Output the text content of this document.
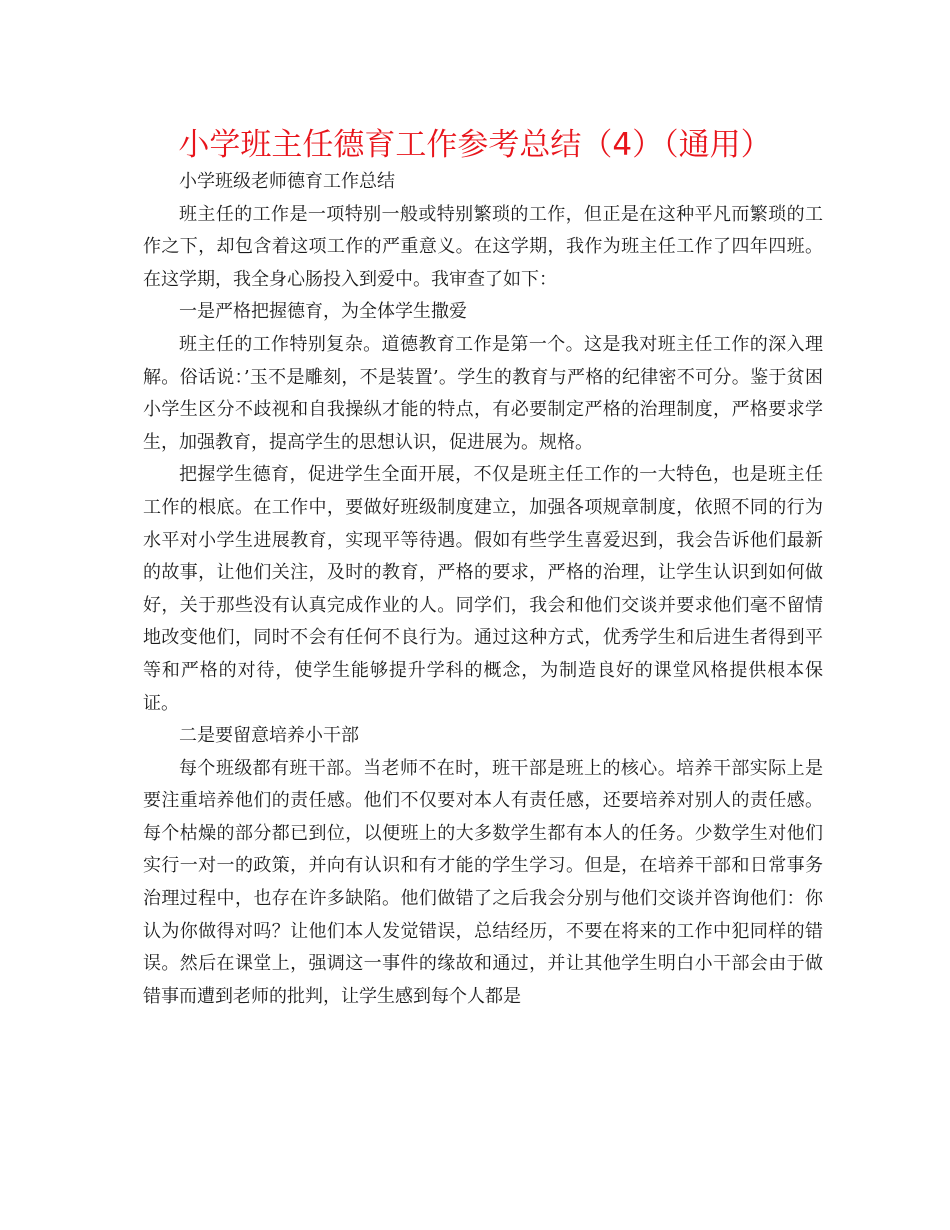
小学班主任德育工作参考总结（4）（通用）

小学班级老师德育工作总结

班主任的工作是一项特别一般或特别繁琐的工作，但正是在这种平凡而繁琐的工作之下，却包含着这项工作的严重意义。在这学期，我作为班主任工作了四年四班。在这学期，我全身心肠投入到爱中。我审查了如下：

一是严格把握德育，为全体学生撒爱

班主任的工作特别复杂。道德教育工作是第一个。这是我对班主任工作的深入理解。俗话说：’玉不是雕刻，不是装置’。学生的教育与严格的纪律密不可分。鉴于贫困小学生区分不歧视和自我操纵才能的特点，有必要制定严格的治理制度，严格要求学生，加强教育，提高学生的思想认识，促进展为。规格。

把握学生德育，促进学生全面开展，不仅是班主任工作的一大特色，也是班主任工作的根底。在工作中，要做好班级制度建立，加强各项规章制度，依照不同的行为水平对小学生进展教育，实现平等待遇。假如有些学生喜爱迟到，我会告诉他们最新的故事，让他们关注，及时的教育，严格的要求，严格的治理，让学生认识到如何做好，关于那些没有认真完成作业的人。同学们，我会和他们交谈并要求他们毫不留情地改变他们，同时不会有任何不良行为。通过这种方式，优秀学生和后进生者得到平等和严格的对待，使学生能够提升学科的概念，为制造良好的课堂风格提供根本保证。

二是要留意培养小干部

每个班级都有班干部。当老师不在时，班干部是班上的核心。培养干部实际上是要注重培养他们的责任感。他们不仅要对本人有责任感，还要培养对别人的责任感。每个枯燥的部分都已到位，以便班上的大多数学生都有本人的任务。少数学生对他们实行一对一的政策，并向有认识和有才能的学生学习。但是，在培养干部和日常事务治理过程中，也存在许多缺陷。他们做错了之后我会分别与他们交谈并咨询他们：你认为你做得对吗？让他们本人发觉错误，总结经历，不要在将来的工作中犯同样的错误。然后在课堂上，强调这一事件的缘故和通过，并让其他学生明白小干部会由于做错事而遭到老师的批判，让学生感到每个人都是
